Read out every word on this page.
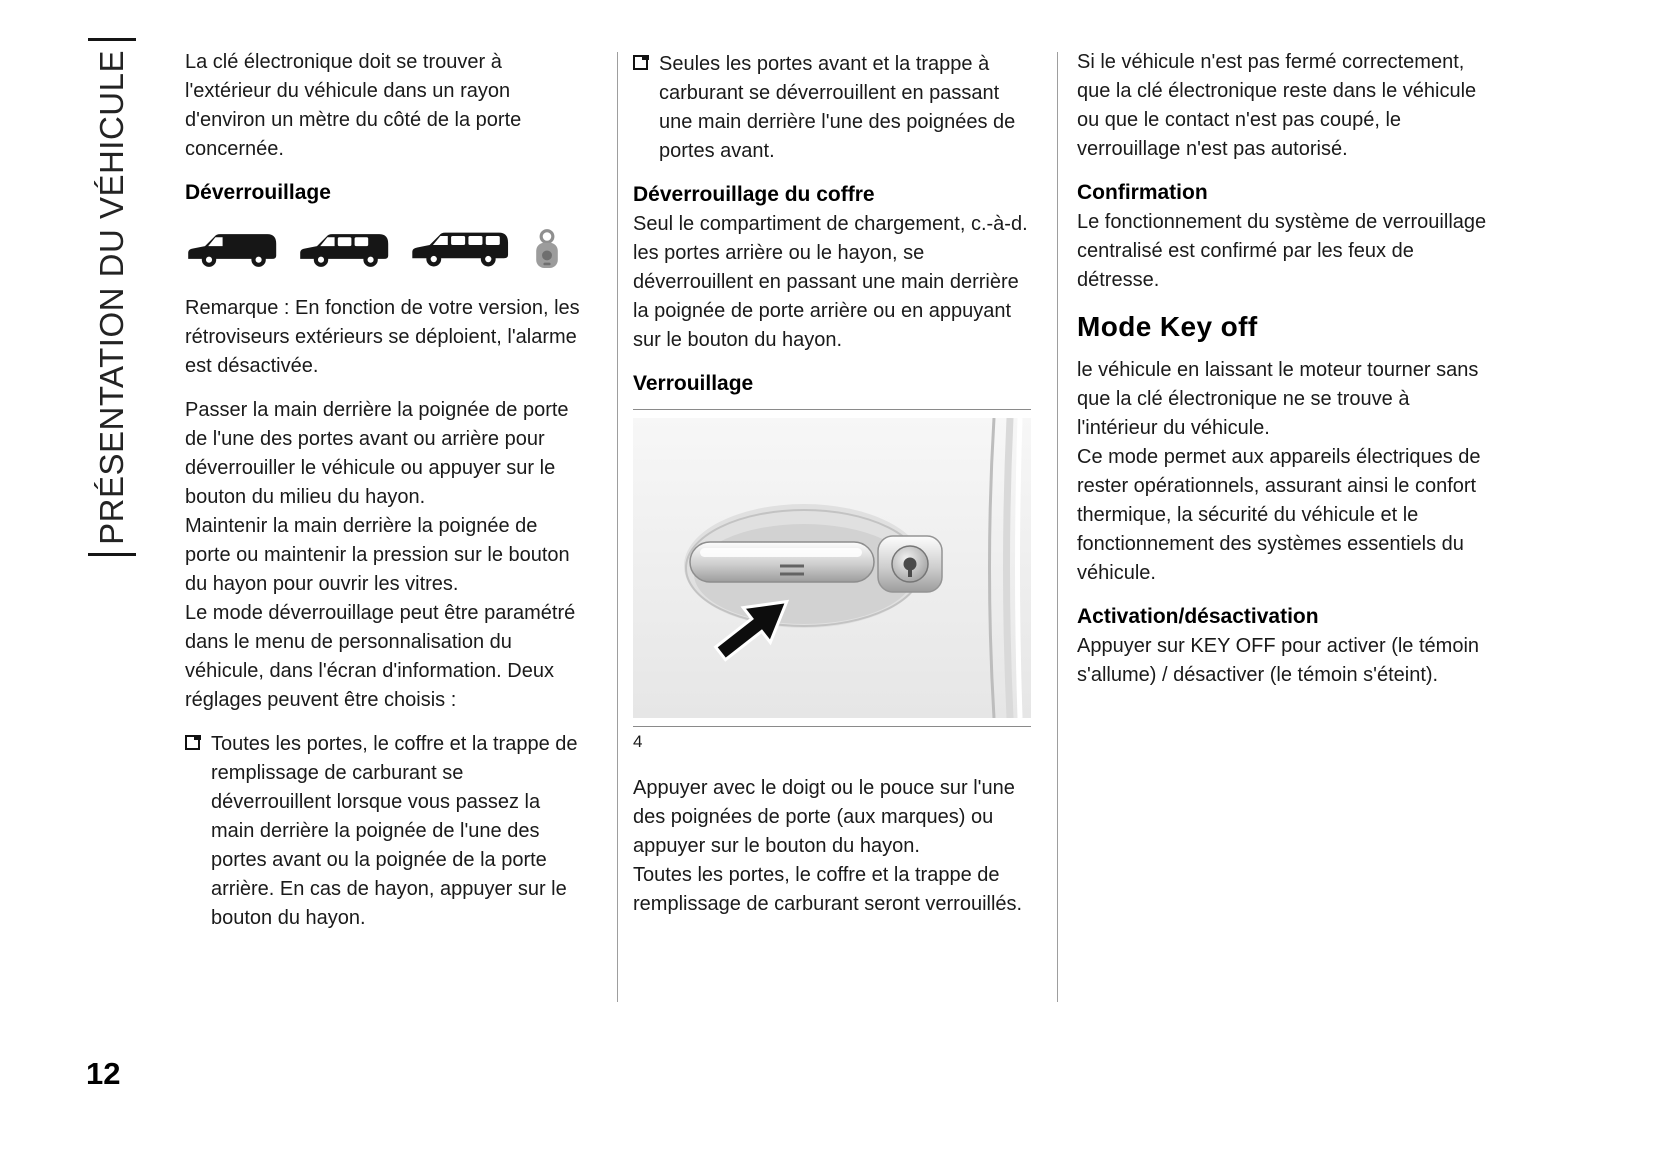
PRÉSENTATION DU VÉHICULE	La clé électronique doit se trouver à l'extérieur du véhicule dans un rayon d'environ un mètre du côté de la porte concernée.

Déverrouillage

Remarque : En fonction de votre version, les rétroviseurs extérieurs se déploient, l'alarme est désactivée.

Passer la main derrière la poignée de porte de l'une des portes avant ou arrière pour déverrouiller le véhicule ou appuyer sur le bouton du milieu du hayon.
Maintenir la main derrière la poignée de porte ou maintenir la pression sur le bouton du hayon pour ouvrir les vitres.
Le mode déverrouillage peut être paramétré dans le menu de personnalisation du véhicule, dans l'écran d'information. Deux réglages peuvent être choisis :
Toutes les portes, le coffre et la trappe de remplissage de carburant se déverrouillent lorsque vous passez la main derrière la poignée de l'une des portes avant ou la poignée de la porte arrière. En cas de hayon, appuyer sur le bouton du hayon.
Seules les portes avant et la trappe à carburant se déverrouillent en passant une main derrière l'une des poignées de portes avant.
Déverrouillage du coffre

Seul le compartiment de chargement, c.-à-d. les portes arrière ou le hayon, se déverrouillent en passant une main derrière la poignée de porte arrière ou en appuyant sur le bouton du hayon.

Verrouillage
4
Appuyer avec le doigt ou le pouce sur l'une des poignées de porte (aux marques) ou appuyer sur le bouton du hayon.
Toutes les portes, le coffre et la trappe de remplissage de carburant seront verrouillés.

Si le véhicule n'est pas fermé correctement, que la clé électronique reste dans le véhicule ou que le contact n'est pas coupé, le verrouillage n'est pas autorisé.

Confirmation

Le fonctionnement du système de verrouillage centralisé est confirmé par les feux de détresse.

Mode Key off
le véhicule en laissant le moteur tourner sans que la clé électronique ne se trouve à l'intérieur du véhicule.
Ce mode permet aux appareils électriques de rester opérationnels, assurant ainsi le confort thermique, la sécurité du véhicule et le fonctionnement des systèmes essentiels du véhicule.
Activation/désactivation

Appuyer sur KEY OFF pour activer (le témoin s'allume) / désactiver (le témoin s'éteint).

12
